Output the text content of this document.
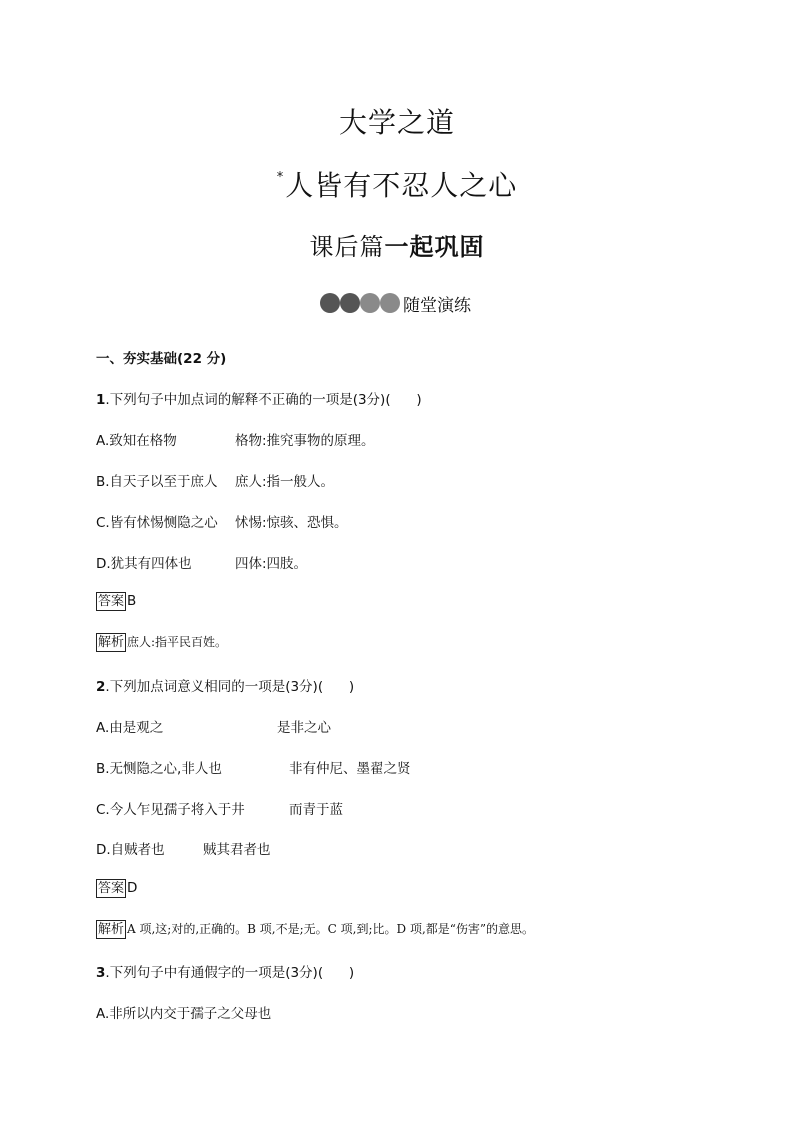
大学之道
*人皆有不忍人之心
课后篇一起巩固
随堂演练
一、夯实基础(22 分)
1.下列句子中加点词的解释不正确的一项是(3分)(      )
A.致知在格物	格物:推究事物的原理。
B.自天子以至于庶人 庶人:指一般人。
C.皆有怵惕恻隐之心 怵惕:惊骇、恐惧。
D.犹其有四体也	四体:四肢。
答案 B
解析 庶人:指平民百姓。
2.下列加点词意义相同的一项是(3分)(      )
A.由是观之	是非之心
B.无恻隐之心,非人也	非有仲尼、墨翟之贤
C.今人乍见孺子将入于井	而青于蓝
D.自贼者也	贼其君者也
答案 D
解析 A 项,这;对的,正确的。B 项,不是;无。C 项,到;比。D 项,都是“伤害”的意思。
3.下列句子中有通假字的一项是(3分)(      )
A.非所以内交于孺子之父母也
